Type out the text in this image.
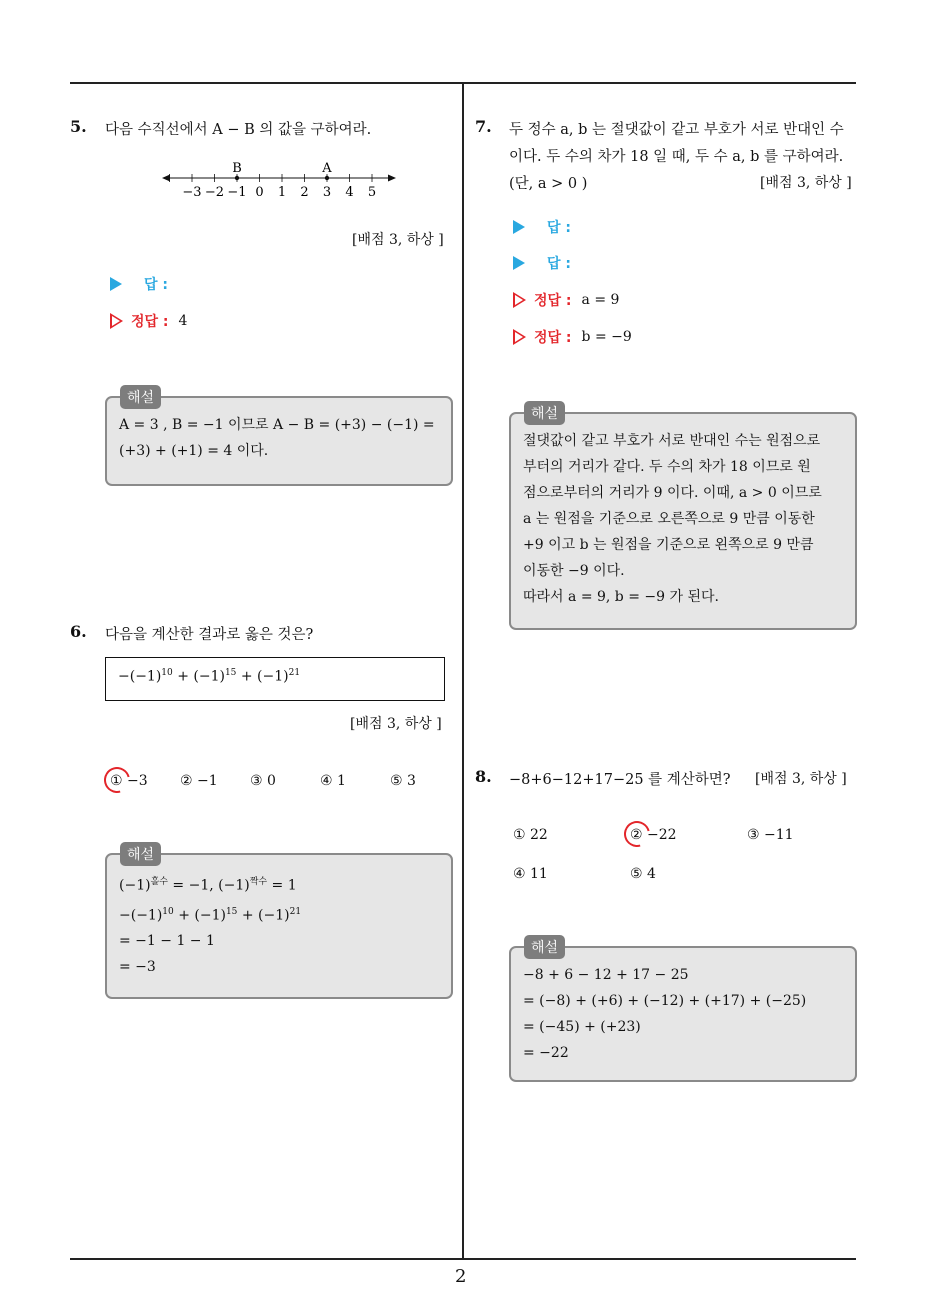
2
5. 다음 수직선에서 A − B 의 값을 구하여라.
−3 −2 −1 0 1 2 3 4 5
B	A
[배점 3, 하상 ]
답 :
정답 : 4
A = 3 , B = −1 이므로 A − B = (+3) − (−1) =
(+3) + (+1) = 4 이다.
해설
6. 다음을 계산한 결과로 옳은 것은?
$-(-1)^{10} + (-1)^{15} + (-1)^{21}$
[배점 3, 하상 ]
① −3 ② −1 ③ 0	④ 1	⑤ 3
$(-1)^{홀수} = -1$, $(-1)^{짝수} = 1$
$-(-1)^{10} + (-1)^{15} + (-1)^{21}$
= −1 − 1 − 1
= −3
해설
7. 두 정수 a, b 는 절댓값이 같고 부호가 서로 반대인 수
이다. 두 수의 차가 18 일 때, 두 수 a, b 를 구하여라.
(단, a > 0 )	[배점 3, 하상 ]
답 :
답 :
정답 : a = 9
정답 : b = −9
절댓값이 같고 부호가 서로 반대인 수는 원점으로
부터의 거리가 같다. 두 수의 차가 18 이므로 원
점으로부터의 거리가 9 이다. 이때, a > 0 이므로
a 는 원점을 기준으로 오른쪽으로 9 만큼 이동한
+9 이고 b 는 원점을 기준으로 왼쪽으로 9 만큼
이동한 −9 이다.
따라서 a = 9, b = −9 가 된다.
해설
8. −8+6−12+17−25 를 계산하면? [배점 3, 하상 ]
① 22	② −22	③ −11
④ 11	⑤ 4
−8 + 6 − 12 + 17 − 25
= (−8) + (+6) + (−12) + (+17) + (−25)
= (−45) + (+23)
= −22
해설
